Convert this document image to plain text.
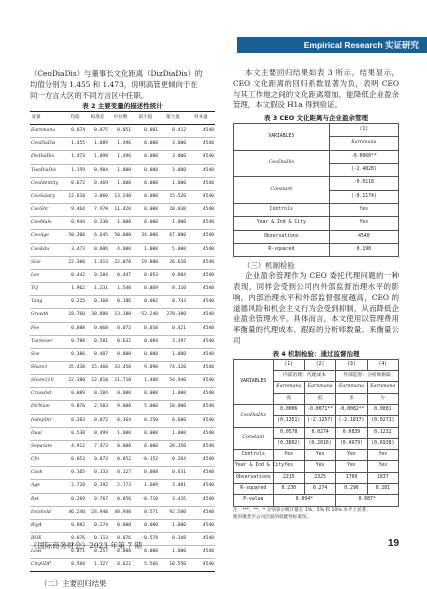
Empirical Research 实证研究

（CeoDiaDis）与董事长文化距离（DizDiaDis）的

均值分别为 1.455 和 1.473，说明高管更倾向于在

同一方言大区的不同方言区中任职。

表 2 主要变量的描述性统计

变量	均值	标准差	中位数	最小值	最大值	样本量
Earnmana	0.074	0.075	0.051	0.001	0.412	4540
CeoDiaDis	1.455	1.089	1.496	0.000	3.000	4540
DizDiaDis	1.473	1.098	1.496	0.000	3.000	4540
TwoDiaDis	1.159	0.984	1.000	0.000	3.000	4540
CeoIdentity	0.672	0.469	1.000	0.000	1.000	4540
CeoSalary	12.610	3.060	13.240	0.000	15.520	4540
CeoShr	9.464	7.978	11.420	0.000	20.030	4540
CeoMale	0.944	0.230	1.000	0.000	1.000	4540
CeoAge	50.300	6.645	50.000	34.000	67.000	4540
CeoEdu	3.473	0.886	4.000	1.000	5.000	4540
Size	22.300	1.413	22.070	19.800	26.610	4540
Lev	0.442	0.204	0.447	0.053	0.884	4540
TQ	1.962	1.231	1.540	0.869	8.110	4540
Tang	0.225	0.168	0.186	0.002	0.743	4540
Growth	18.760	38.800	13.180	-52.240	278.300	4540
Fee	0.088	0.068	0.072	0.010	0.421	4540
Turnover	0.780	0.581	0.632	0.084	3.397	4540
Soe	0.386	0.487	0.000	0.000	1.000	4540
Share1	35.430	15.460	33.450	9.090	74.320	4540
Share210	22.380	12.810	21.710	1.400	54.940	4540
Crosslist	0.089	0.284	0.000	0.000	1.000	4540
DirNum	9.076	2.503	9.000	5.000	18.000	4540
IndepDir	0.383	0.072	0.364	0.250	0.600	4540
Dual	0.530	0.499	1.000	0.000	1.000	4540
Separate	4.912	7.473	0.000	0.000	28.350	4540
Cfo	0.053	0.073	0.052	-0.152	0.264	4540
Cash	0.165	0.133	0.127	0.008	0.631	4540
Age	2.728	0.392	2.773	1.609	3.401	4540
Ret	0.269	0.767	0.056	-0.710	3.435	4540
Incshold	46.240	24.940	48.940	0.571	92.500	4540
Big4	0.082	0.274	0.000	0.000	1.000	4540
ROE	0.076	0.113	0.076	-0.578	0.348	4540
Loss	0.071	0.257	0.000	0.000	1.000	4540
CityGDP	8.568	1.127	8.622	5.566	10.550	4540

（二）主要回归结果

本文主要回归结果如表 3 所示。结果显示，CEO 文化距离的回归系数显著为负，表明 CEO 与其工作地之间的文化距离增加，能降低企业盈余管理，本文假设 H1a 得到验证。

表 3 CEO 文化距离与企业盈余管理

VARIABLES	(1)
	Earnmana
CeoDiaDis	-0.0068**
	(-2.4828)
Constant	-0.0118
	(-0.1174)
Controls	Yes
Year & Ind & City	Yes
Observations	4540
R-squared	0.198

（三）机制检验

企业盈余管理作为 CEO 委托代理问题的一种表现，同样会受到公司内外部监督治理水平的影响。内部治理水平和外部监督强度越高，CEO 的道德风险和机会主义行为会受到抑制，从而降低企业盈余管理水平。具体而言，本文使用以管理费用率衡量的代理成本、跟踪的分析师数量、来衡量公司

表 4 机制检验：通过监督治理

VARIABLES	(1)	(2)	(3)	(4)
	内部治理：代理成本		外部监督：分析师跟踪	
	Earnmana	Earnmana	Earnmana	Earnmana
	高	低	多	少
CeoDiaDis	0.0006	-0.0071**	-0.0082**	0.0001
	(0.1351)	(-2.1257)	(-2.1817)	(0.0271)
Constant	0.0578	0.0274	0.0839	0.1232
	(0.3802)	(0.2016)	(0.4979)	(0.6938)
Controls	Yes	Yes	Yes	Yes
Year & Ind & City	Yes	Yes	Yes	Yes
Observations	2215	2325	1760	1837
R-squared	0.230	0.274	0.296	0.281
P-value	0.094*		0.087*	

注：***、**、* 分别表示统计量在 1%、5% 和 10% 水平上显著；

使用聚类至公司层面的稳健性标准误。

《国际商务财会》2023 年第 7 期	19
